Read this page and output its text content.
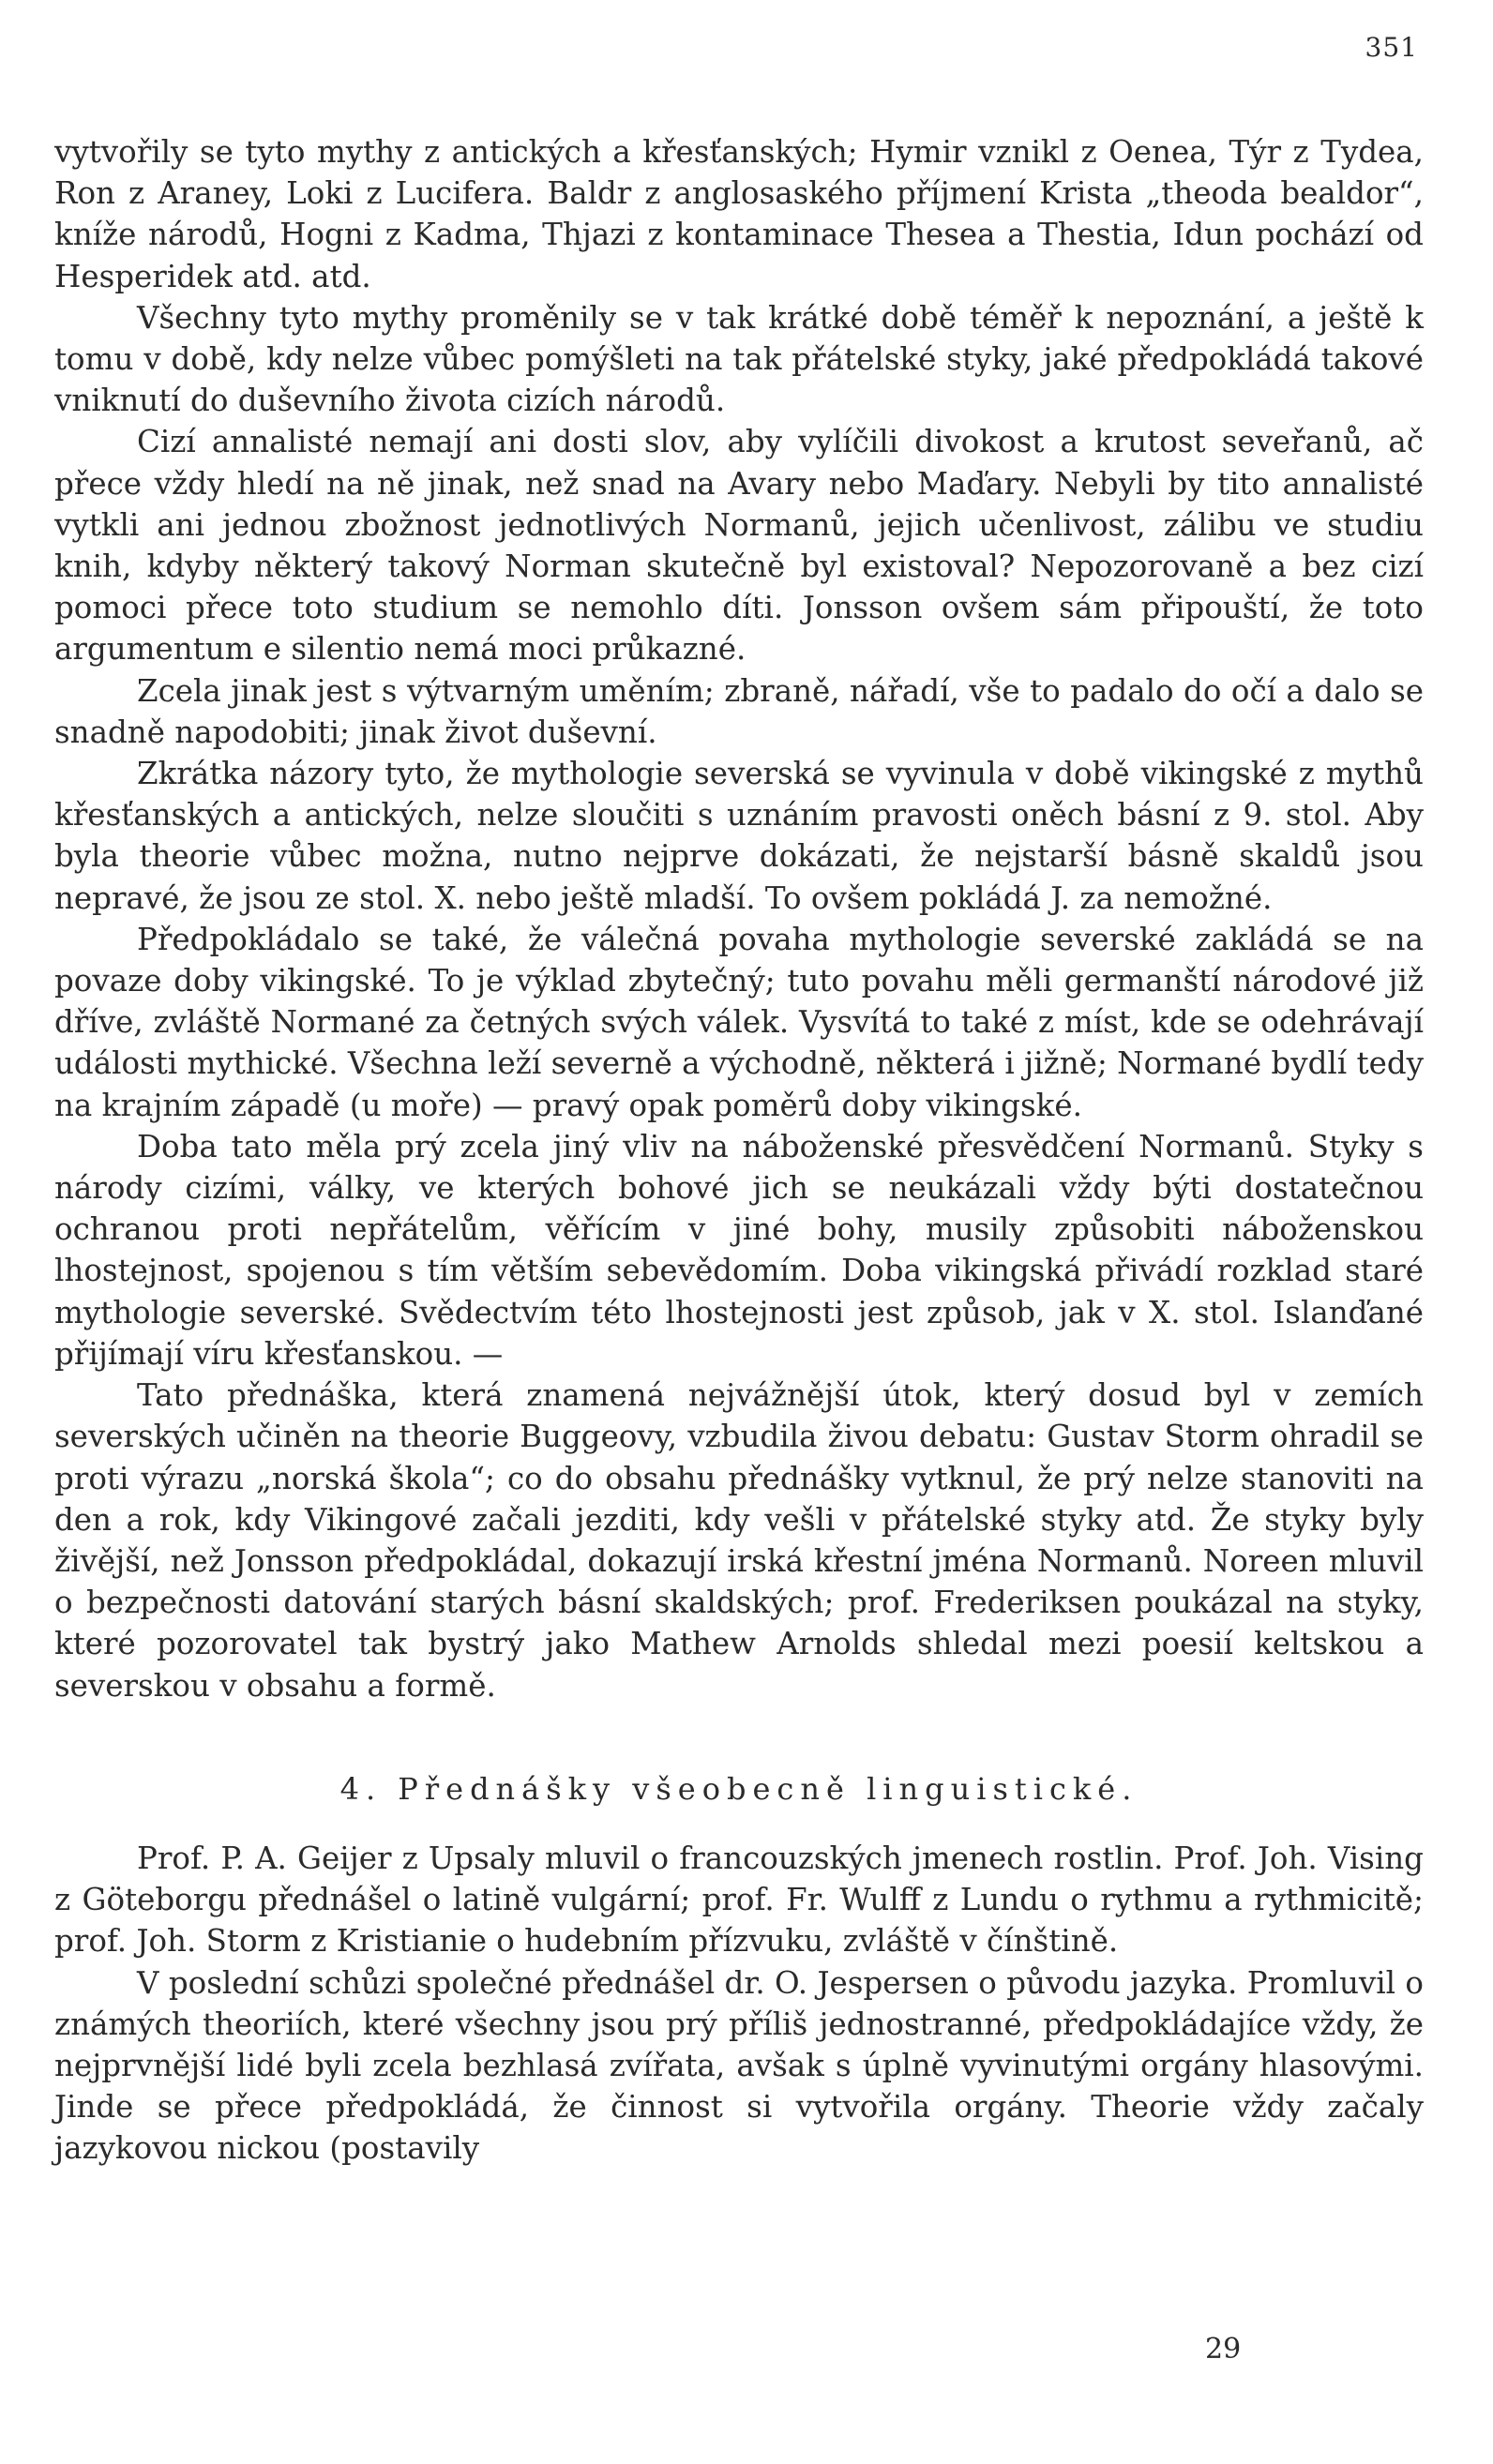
351

vytvořily se tyto mythy z antických a křesťanských; Hymir vznikl z Oenea, Týr z Tydea, Ron z Araney, Loki z Lucifera. Baldr z anglosaského příjmení Krista „theoda bealdor“, kníže národů, Hogni z Kadma, Thjazi z kontaminace Thesea a Thestia, Idun pochází od Hesperidek atd. atd.

Všechny tyto mythy proměnily se v tak krátké době téměř k nepoznání, a ještě k tomu v době, kdy nelze vůbec pomýšleti na tak přátelské styky, jaké předpokládá takové vniknutí do duševního života cizích národů.

Cizí annalisté nemají ani dosti slov, aby vylíčili divokost a krutost seveřanů, ač přece vždy hledí na ně jinak, než snad na Avary nebo Maďary. Nebyli by tito annalisté vytkli ani jednou zbožnost jednotlivých Normanů, jejich učenlivost, zálibu ve studiu knih, kdyby některý takový Norman skutečně byl existoval? Nepozorovaně a bez cizí pomoci přece toto studium se nemohlo díti. Jonsson ovšem sám připouští, že toto argumentum e silentio nemá moci průkazné.

Zcela jinak jest s výtvarným uměním; zbraně, nářadí, vše to padalo do očí a dalo se snadně napodobiti; jinak život duševní.

Zkrátka názory tyto, že mythologie severská se vyvinula v době vikingské z mythů křesťanských a antických, nelze sloučiti s uznáním pravosti oněch básní z 9. stol. Aby byla theorie vůbec možna, nutno nejprve dokázati, že nejstarší básně skaldů jsou nepravé, že jsou ze stol. X. nebo ještě mladší. To ovšem pokládá J. za nemožné.

Předpokládalo se také, že válečná povaha mythologie severské zakládá se na povaze doby vikingské. To je výklad zbytečný; tuto povahu měli germanští národové již dříve, zvláště Normané za četných svých válek. Vysvítá to také z míst, kde se odehrávají události mythické. Všechna leží severně a východně, některá i jižně; Normané bydlí tedy na krajním západě (u moře) — pravý opak poměrů doby vikingské.

Doba tato měla prý zcela jiný vliv na náboženské přesvědčení Normanů. Styky s národy cizími, války, ve kterých bohové jich se neukázali vždy býti dostatečnou ochranou proti nepřátelům, věřícím v jiné bohy, musily způsobiti náboženskou lhostejnost, spojenou s tím větším sebevědomím. Doba vikingská přivádí rozklad staré mythologie severské. Svědectvím této lhostejnosti jest způsob, jak v X. stol. Islanďané přijímají víru křesťanskou. —

Tato přednáška, která znamená nejvážnější útok, který dosud byl v zemích severských učiněn na theorie Buggeovy, vzbudila živou debatu: Gustav Storm ohradil se proti výrazu „norská škola“; co do obsahu přednášky vytknul, že prý nelze stanoviti na den a rok, kdy Vikingové začali jezditi, kdy vešli v přátelské styky atd. Že styky byly živější, než Jonsson předpokládal, dokazují irská křestní jména Normanů. Noreen mluvil o bezpečnosti datování starých básní skaldských; prof. Frederiksen poukázal na styky, které pozorovatel tak bystrý jako Mathew Arnolds shledal mezi poesií keltskou a severskou v obsahu a formě.

4. Přednášky všeobecně linguistické.

Prof. P. A. Geijer z Upsaly mluvil o francouzských jmenech rostlin. Prof. Joh. Vising z Göteborgu přednášel o latině vulgární; prof. Fr. Wulff z Lundu o rythmu a rythmicitě; prof. Joh. Storm z Kristianie o hudebním přízvuku, zvláště v čínštině.

V poslední schůzi společné přednášel dr. O. Jespersen o původu jazyka. Promluvil o známých theoriích, které všechny jsou prý příliš jednostranné, předpokládajíce vždy, že nejprvnější lidé byli zcela bezhlasá zvířata, avšak s úplně vyvinutými orgány hlasovými. Jinde se přece předpokládá, že činnost si vytvořila orgány. Theorie vždy začaly jazykovou nickou (postavily

29
